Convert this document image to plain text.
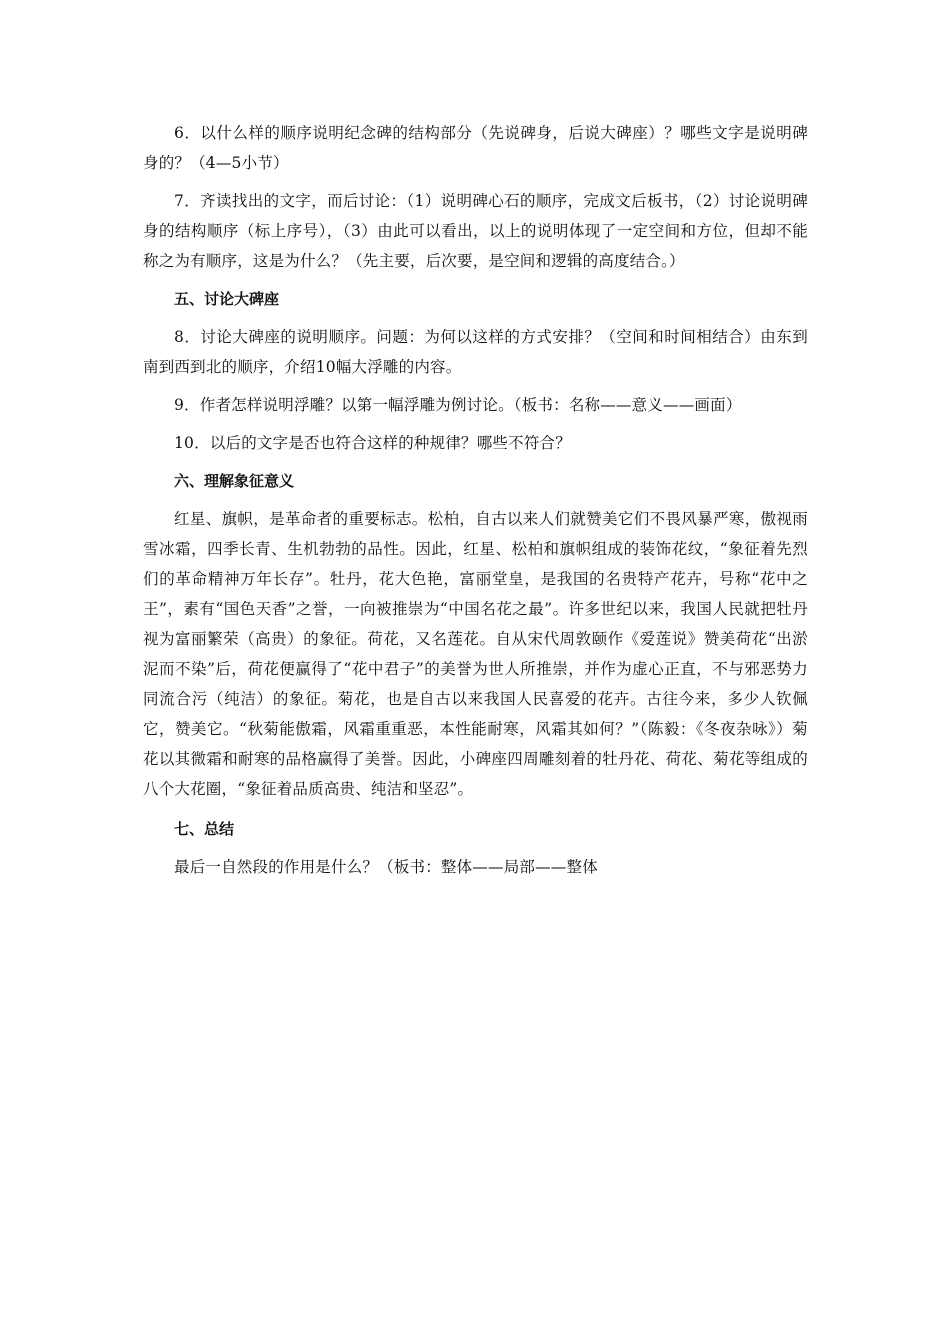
6．以什么样的顺序说明纪念碑的结构部分（先说碑身，后说大碑座）？哪些文字是说明碑身的？（4—5小节）

7．齐读找出的文字，而后讨论：（1）说明碑心石的顺序，完成文后板书，（2）讨论说明碑身的结构顺序（标上序号），（3）由此可以看出，以上的说明体现了一定空间和方位，但却不能称之为有顺序，这是为什么？（先主要，后次要，是空间和逻辑的高度结合。）

五、讨论大碑座

8．讨论大碑座的说明顺序。问题：为何以这样的方式安排？（空间和时间相结合）由东到南到西到北的顺序，介绍10幅大浮雕的内容。

9．作者怎样说明浮雕？以第一幅浮雕为例讨论。（板书：名称——意义——画面）

10．以后的文字是否也符合这样的种规律？哪些不符合？

六、理解象征意义

红星、旗帜，是革命者的重要标志。松柏，自古以来人们就赞美它们不畏风暴严寒，傲视雨雪冰霜，四季长青、生机勃勃的品性。因此，红星、松柏和旗帜组成的装饰花纹，“象征着先烈们的革命精神万年长存”。牡丹，花大色艳，富丽堂皇，是我国的名贵特产花卉，号称“花中之王”，素有“国色天香”之誉，一向被推崇为“中国名花之最”。许多世纪以来，我国人民就把牡丹视为富丽繁荣（高贵）的象征。荷花，又名莲花。自从宋代周敦颐作《爱莲说》赞美荷花“出淤泥而不染”后，荷花便赢得了“花中君子”的美誉为世人所推崇，并作为虚心正直，不与邪恶势力同流合污（纯洁）的象征。菊花，也是自古以来我国人民喜爱的花卉。古往今来，多少人钦佩它，赞美它。“秋菊能傲霜，风霜重重恶，本性能耐寒，风霜其如何？”（陈毅：《冬夜杂咏》）菊花以其微霜和耐寒的品格赢得了美誉。因此，小碑座四周雕刻着的牡丹花、荷花、菊花等组成的八个大花圈，“象征着品质高贵、纯洁和坚忍”。

七、总结

最后一自然段的作用是什么？（板书：整体——局部——整体
